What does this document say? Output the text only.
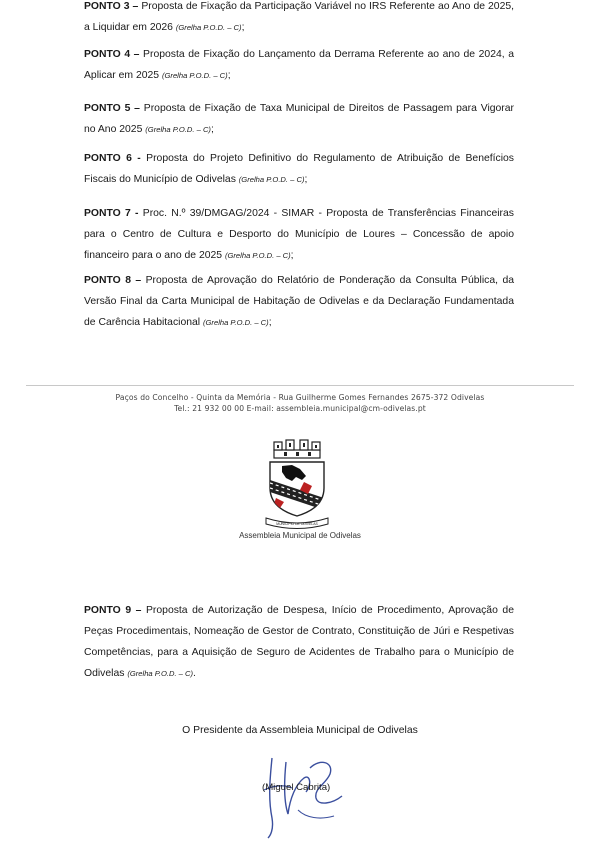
PONTO 3 – Proposta de Fixação da Participação Variável no IRS Referente ao Ano de 2025, a Liquidar em 2026 (Grelha P.O.D. – C);
PONTO 4 – Proposta de Fixação do Lançamento da Derrama Referente ao ano de 2024, a Aplicar em 2025 (Grelha P.O.D. – C);
PONTO 5 – Proposta de Fixação de Taxa Municipal de Direitos de Passagem para Vigorar no Ano 2025 (Grelha P.O.D. – C);
PONTO 6 - Proposta do Projeto Definitivo do Regulamento de Atribuição de Benefícios Fiscais do Município de Odivelas (Grelha P.O.D. – C);
PONTO 7 - Proc. N.º 39/DMGAG/2024 - SIMAR - Proposta de Transferências Financeiras para o Centro de Cultura e Desporto do Município de Loures – Concessão de apoio financeiro para o ano de 2025 (Grelha P.O.D. – C);
PONTO 8 – Proposta de Aprovação do Relatório de Ponderação da Consulta Pública, da Versão Final da Carta Municipal de Habitação de Odivelas e da Declaração Fundamentada de Carência Habitacional (Grelha P.O.D. – C);
Paços do Concelho - Quinta da Memória - Rua Guilherme Gomes Fernandes 2675-372 Odivelas
Tel.: 21 932 00 00 E-mail: assembleia.municipal@cm-odivelas.pt
MUNICÍPIO DE ODIVELAS
Assembleia Municipal de Odivelas
PONTO 9 – Proposta de Autorização de Despesa, Início de Procedimento, Aprovação de Peças Procedimentais, Nomeação de Gestor de Contrato, Constituição de Júri e Respetivas Competências, para a Aquisição de Seguro de Acidentes de Trabalho para o Município de Odivelas (Grelha P.O.D. – C).
O Presidente da Assembleia Municipal de Odivelas
(Miguel Cabrita)
